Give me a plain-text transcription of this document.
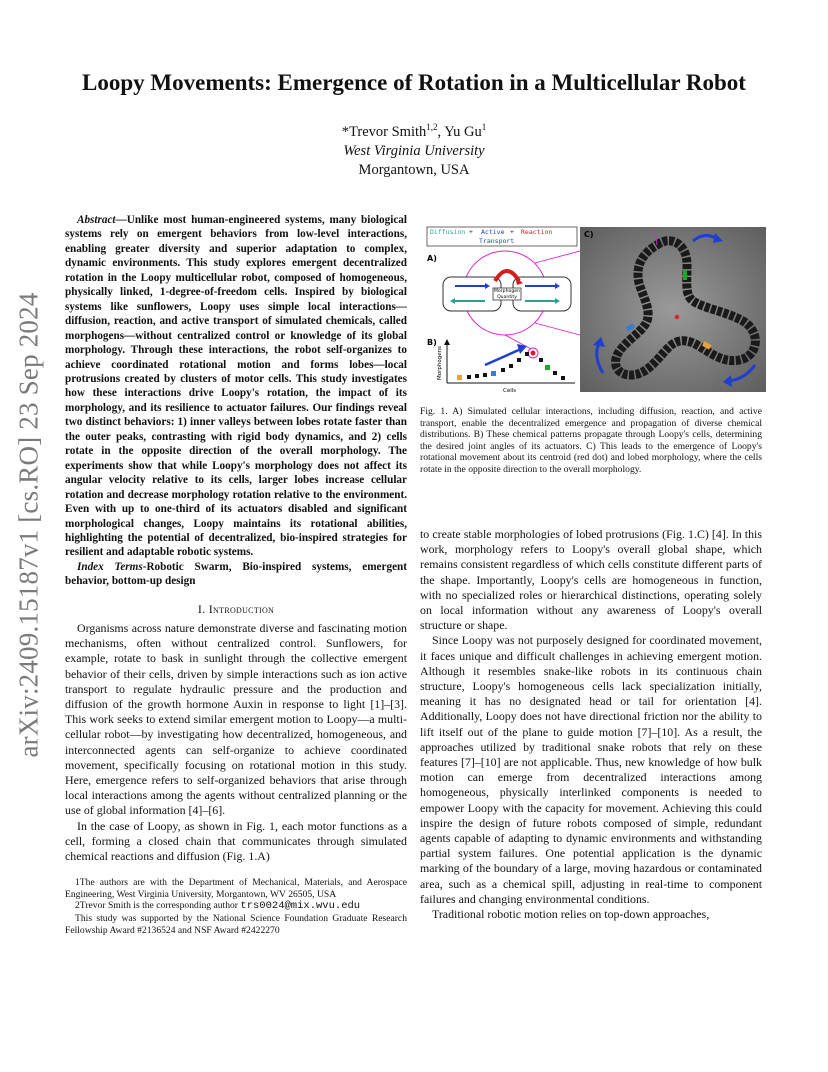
arXiv:2409.15187v1 [cs.RO] 23 Sep 2024
Loopy Movements: Emergence of Rotation in a Multicellular Robot
*Trevor Smith$^{1,2}$, Yu Gu$^1$
West Virginia University
Morgantown, USA

Abstract—Unlike most human-engineered systems, many biological systems rely on emergent behaviors from low-level interactions, enabling greater diversity and superior adaptation to complex, dynamic environments. This study explores emergent decentralized rotation in the Loopy multicellular robot, composed of homogeneous, physically linked, 1-degree-of-freedom cells. Inspired by biological systems like sunflowers, Loopy uses simple local interactions—diffusion, reaction, and active transport of simulated chemicals, called morphogens—without centralized control or knowledge of its global morphology. Through these interactions, the robot self-organizes to achieve coordinated rotational motion and forms lobes—local protrusions created by clusters of motor cells. This study investigates how these interactions drive Loopy's rotation, the impact of its morphology, and its resilience to actuator failures. Our findings reveal two distinct behaviors: 1) inner valleys between lobes rotate faster than the outer peaks, contrasting with rigid body dynamics, and 2) cells rotate in the opposite direction of the overall morphology. The experiments show that while Loopy's morphology does not affect its angular velocity relative to its cells, larger lobes increase cellular rotation and decrease morphology rotation relative to the environment. Even with up to one-third of its actuators disabled and significant morphological changes, Loopy maintains its rotational abilities, highlighting the potential of decentralized, bio-inspired strategies for resilient and adaptable robotic systems.

Index Terms-Robotic Swarm, Bio-inspired systems, emergent behavior, bottom-up design

I. Introduction

Organisms across nature demonstrate diverse and fascinating motion mechanisms, often without centralized control. Sunflowers, for example, rotate to bask in sunlight through the collective emergent behavior of their cells, driven by simple interactions such as ion active transport to regulate hydraulic pressure and the production and diffusion of the growth hormone Auxin in response to light [1]–[3]. This work seeks to extend similar emergent motion to Loopy—a multi-cellular robot—by investigating how decentralized, homogeneous, and interconnected agents can self-organize to achieve coordinated movement, specifically focusing on rotational motion in this study. Here, emergence refers to self-organized behaviors that arise through local interactions among the agents without centralized planning or the use of global information [4]–[6].

In the case of Loopy, as shown in Fig. 1, each motor functions as a cell, forming a closed chain that communicates through simulated chemical reactions and diffusion (Fig. 1.A)

1The authors are with the Department of Mechanical, Materials, and Aerospace Engineering, West Virginia University, Morgantown, WV 26505, USA

2Trevor Smith is the corresponding author trs0024@mix.wvu.edu

This study was supported by the National Science Foundation Graduate Research Fellowship Award #2136524 and NSF Award #2422270

Diffusion + Active + Reaction
Transport
A)
B)
Morphogen
Quantity
Morphogens
Cells
C)
Fig. 1. A) Simulated cellular interactions, including diffusion, reaction, and active transport, enable the decentralized emergence and propagation of diverse chemical distributions. B) These chemical patterns propagate through Loopy's cells, determining the desired joint angles of its actuators. C) This leads to the emergence of Loopy's rotational movement about its centroid (red dot) and lobed morphology, where the cells rotate in the opposite direction to the overall morphology.

to create stable morphologies of lobed protrusions (Fig. 1.C) [4]. In this work, morphology refers to Loopy's overall global shape, which remains consistent regardless of which cells constitute different parts of the shape. Importantly, Loopy's cells are homogeneous in function, with no specialized roles or hierarchical distinctions, operating solely on local information without any awareness of Loopy's overall structure or shape.

Since Loopy was not purposely designed for coordinated movement, it faces unique and difficult challenges in achieving emergent motion. Although it resembles snake-like robots in its continuous chain structure, Loopy's homogeneous cells lack specialization initially, meaning it has no designated head or tail for orientation [4]. Additionally, Loopy does not have directional friction nor the ability to lift itself out of the plane to guide motion [7]–[10]. As a result, the approaches utilized by traditional snake robots that rely on these features [7]–[10] are not applicable. Thus, new knowledge of how bulk motion can emerge from decentralized interactions among homogeneous, physically interlinked components is needed to empower Loopy with the capacity for movement. Achieving this could inspire the design of future robots composed of simple, redundant agents capable of adapting to dynamic environments and withstanding partial system failures. One potential application is the dynamic marking of the boundary of a large, moving hazardous or contaminated area, such as a chemical spill, adjusting in real-time to component failures and changing environmental conditions.

Traditional robotic motion relies on top-down approaches,
